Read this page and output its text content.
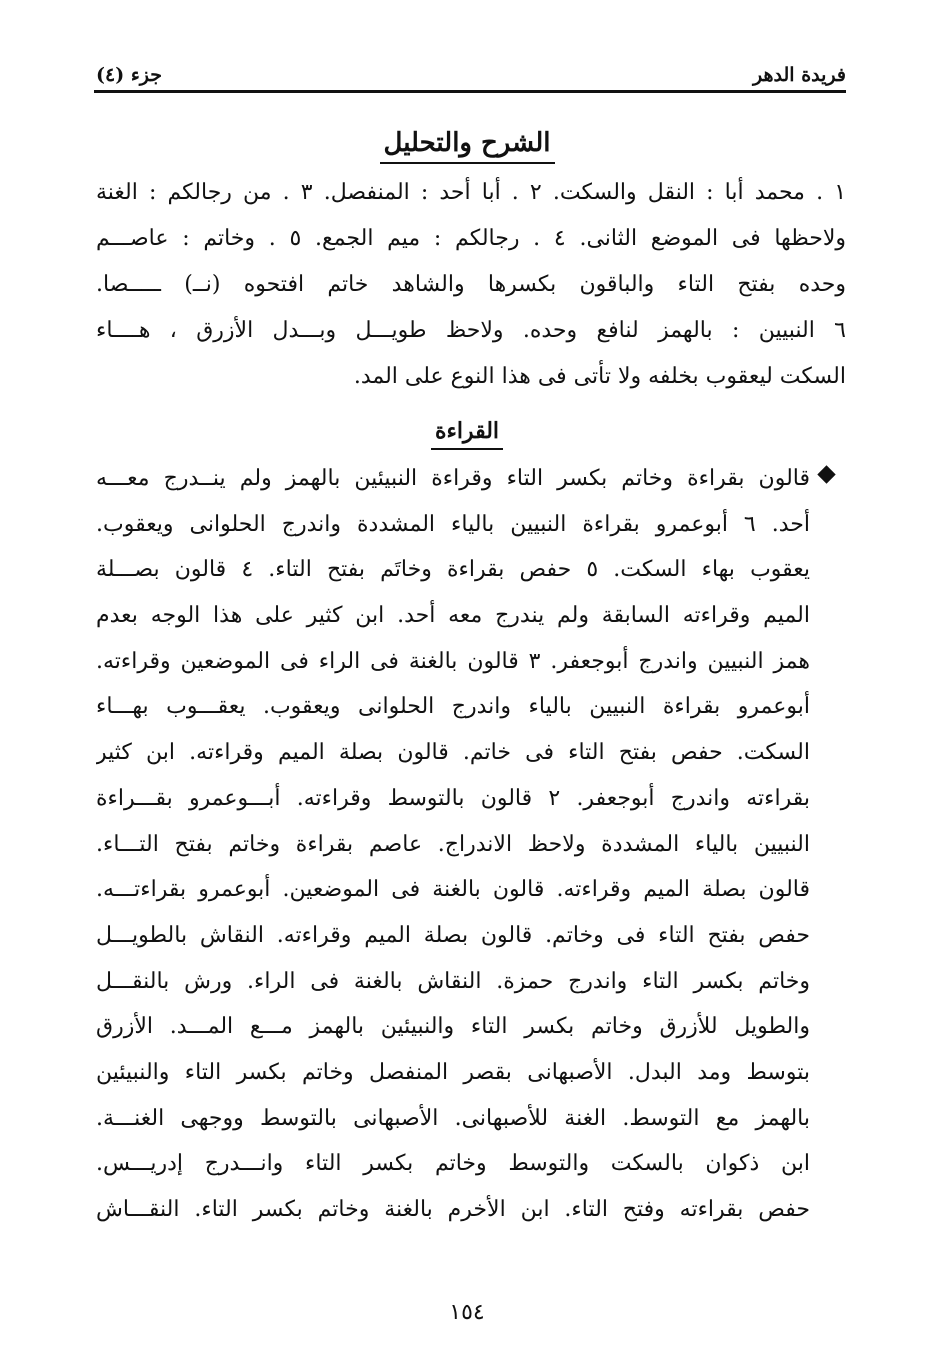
فريدة الدهر
جزء (٤)
الشرح والتحليل
١ . محمد أبا : النقل والسكت. ٢ . أبا أحد : المنفصل. ٣ . من رجالكم : الغنة
ولاحظها فى الموضع الثانى. ٤ . رجالكم : ميم الجمع. ٥ . وخاتم : عاصـــم
وحده بفتح التاء والباقون بكسرها والشاهد خاتم افتحوه (نــ) ـــــصا.
٦ النبيين : بالهمز لنافع وحده. ولاحظ طويـــل وبـــدل الأزرق ، هــــاء
السكت ليعقوب بخلفه ولا تأتى فى هذا النوع على المد.
القراءة
قالون بقراءة وخاتم بكسر التاء وقراءة النبيئين بالهمز ولم ينــدرج معـــه
أحد. ٦ أبوعمرو بقراءة النبيين بالياء المشددة واندرج الحلوانى ويعقوب.
يعقوب بهاء السكت. ٥ حفص بقراءة وخاتَم بفتح التاء. ٤ قالون بصـــلة
الميم وقراءته السابقة ولم يندرج معه أحد. ابن كثير على هذا الوجه بعدم
همز النبيين واندرج أبوجعفر. ٣ قالون بالغنة فى الراء فى الموضعين وقراءته.
أبوعمرو بقراءة النبيين بالياء واندرج الحلوانى ويعقوب. يعقـــوب بهـــاء
السكت. حفص بفتح التاء فى خاتم. قالون بصلة الميم وقراءته. ابن كثير
بقراءته واندرج أبوجعفر. ٢ قالون بالتوسط وقراءته. أبـــوعمرو بقـــراءة
النبيين بالياء المشددة ولاحظ الاندراج. عاصم بقراءة وخاتم بفتح التـــاء.
قالون بصلة الميم وقراءته. قالون بالغنة فى الموضعين. أبوعمرو بقراءتـــه.
حفص بفتح التاء فى وخاتم. قالون بصلة الميم وقراءته. النقاش بالطويـــل
وخاتم بكسر التاء واندرج حمزة. النقاش بالغنة فى الراء. ورش بالنقـــل
والطويل للأزرق وخاتم بكسر التاء والنبيئين بالهمز مـــع المـــد. الأزرق
بتوسط ومد البدل. الأصبهانى بقصر المنفصل وخاتم بكسر التاء والنبيئين
بالهمز مع التوسط. الغنة للأصبهانى. الأصبهانى بالتوسط ووجهى الغنـــة.
ابن ذكوان بالسكت والتوسط وخاتم بكسر التاء وانـــدرج إدريـــس.
حفص بقراءته وفتح التاء. ابن الأخرم بالغنة وخاتم بكسر التاء. النقـــاش
١٥٤
